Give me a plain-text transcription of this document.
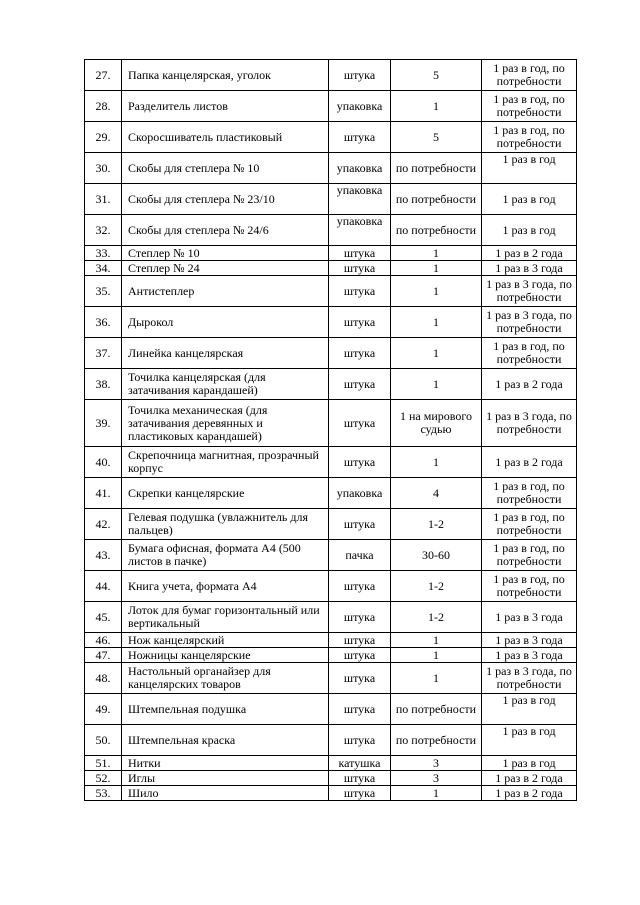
27.	Папка канцелярская, уголок	штука	5	1 раз в год, по потребности
28.	Разделитель листов	упаковка	1	1 раз в год, по потребности
29.	Скоросшиватель пластиковый	штука	5	1 раз в год, по потребности
30.	Скобы для степлера № 10	упаковка	по потребности	1 раз в год
31.	Скобы для степлера № 23/10	упаковка	по потребности	1 раз в год
32.	Скобы для степлера № 24/6	упаковка	по потребности	1 раз в год
33.	Степлер № 10	штука	1	1 раз в 2 года
34.	Степлер № 24	штука	1	1 раз в 3 года
35.	Антистеплер	штука	1	1 раз в 3 года, по потребности
36.	Дырокол	штука	1	1 раз в 3 года, по потребности
37.	Линейка канцелярская	штука	1	1 раз в год, по потребности
38.	Точилка канцелярская (для затачивания карандашей)	штука	1	1 раз в 2 года
39.	Точилка механическая (для затачивания деревянных и пластиковых карандашей)	штука	1 на мирового судью	1 раз в 3 года, по потребности
40.	Скрепочница магнитная, прозрачный корпус	штука	1	1 раз в 2 года
41.	Скрепки канцелярские	упаковка	4	1 раз в год, по потребности
42.	Гелевая подушка (увлажнитель для пальцев)	штука	1-2	1 раз в год, по потребности
43.	Бумага офисная, формата А4 (500 листов в пачке)	пачка	30-60	1 раз в год, по потребности
44.	Книга учета, формата А4	штука	1-2	1 раз в год, по потребности
45.	Лоток для бумаг горизонтальный или вертикальный	штука	1-2	1 раз в 3 года
46.	Нож канцелярский	штука	1	1 раз в 3 года
47.	Ножницы канцелярские	штука	1	1 раз в 3 года
48.	Настольный органайзер для канцелярских товаров	штука	1	1 раз в 3 года, по потребности
49.	Штемпельная подушка	штука	по потребности	1 раз в год
50.	Штемпельная краска	штука	по потребности	1 раз в год
51.	Нитки	катушка	3	1 раз в год
52.	Иглы	штука	3	1 раз в 2 года
53.	Шило	штука	1	1 раз в 2 года
